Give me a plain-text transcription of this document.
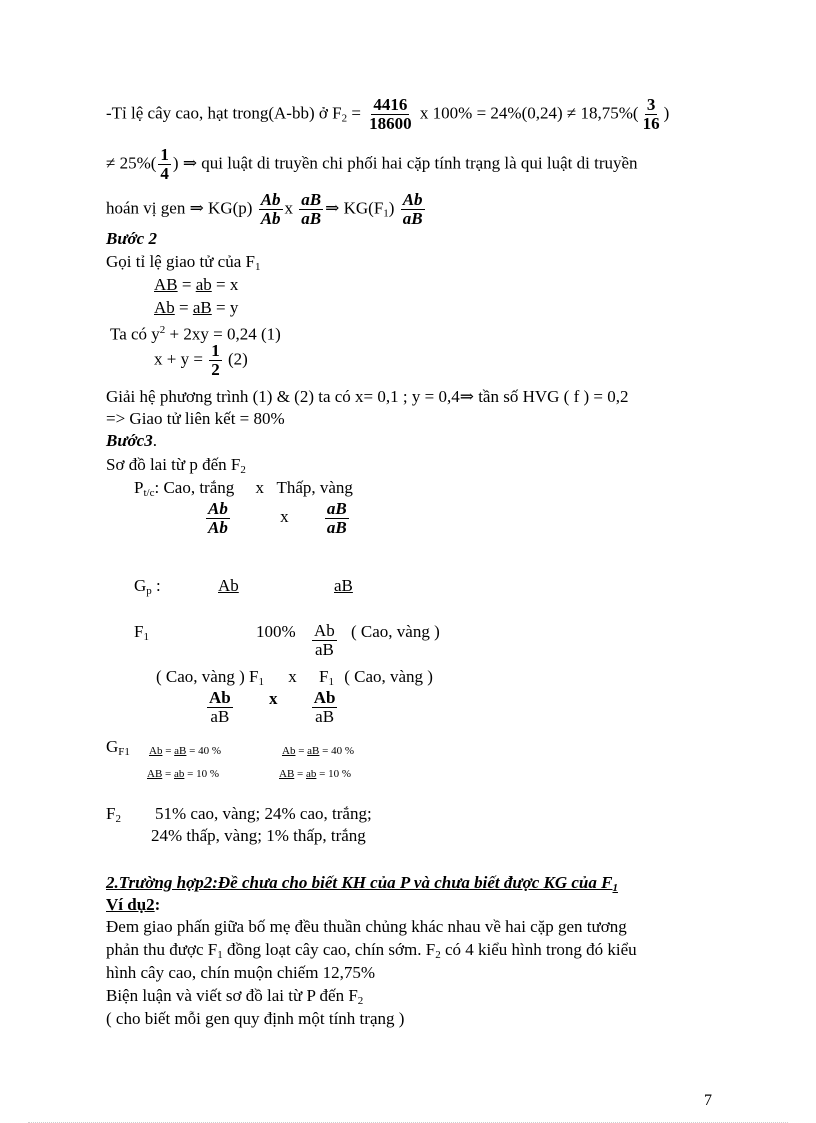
-Tỉ lệ cây cao, hạt trong(A-bb) ở $F_2 = \frac{4416}{18600}$ x $100\% = 24\%(0,24) \ne 18,75\%( \frac{3}{16}$ )
≠ $25\%( \frac{1}{4}$ ) ⇒ qui luật di truyền chi phối hai cặp tính trạng là qui luật di truyền
hoán vị gen ⇒ $KG(p) \frac{Ab}{Ab}$ x $\frac{aB}{aB}$ ⇒ $KG(F_1) \frac{Ab}{aB}$
Bước 2
Gọi tỉ lệ giao tử của $F_1$
AB = ab = x
Ab = aB = y
Ta có $y^2 + 2xy = 0,24$ (1)
$x + y = \frac{1}{2} (2)$
Giải hệ phương trình (1) & (2) ta có x= 0,1 ; y = 0,4⇒ tần số HVG ( f ) = 0,2
=> Giao tử liên kết = 80%
Bước3.
Sơ đồ lai từ p đến $F_2$
$P_{t/c}$: Cao, trắng     x   Thấp, vàng
$\frac{Ab}{Ab}$	x $\frac{aB}{aB}$
$G_p$ :	Ab	aB
$F_1$	$100\% \frac{Ab}{aB}$ ( Cao, vàng )
( Cao, vàng ) $F_1$ x $F_1$ ( Cao, vàng )
$\frac{Ab}{aB}$ x $\frac{Ab}{aB}$
$G_{F1}$ Ab = aB = 40 %	Ab = aB = 40 %
AB = ab = 10 %	AB = ab = 10 %
$F_2$ 51% cao, vàng; 24% cao, trắng;
24% thấp, vàng; 1% thấp, trắng
2.Trường hợp2:Đề chưa cho biết KH của P và chưa biết được KG của $F_1$
Ví dụ2:
Đem giao phấn giữa bố mẹ đều thuần chủng khác nhau về hai cặp gen tương
phản thu được $F_1$ đồng loạt cây cao, chín sớm. $F_2$ có 4 kiểu hình trong đó kiểu
hình cây cao, chín muộn chiếm 12,75%
Biện luận và viết sơ đồ lai từ P đến $F_2$
( cho biết mỗi gen quy định một tính trạng )
7
